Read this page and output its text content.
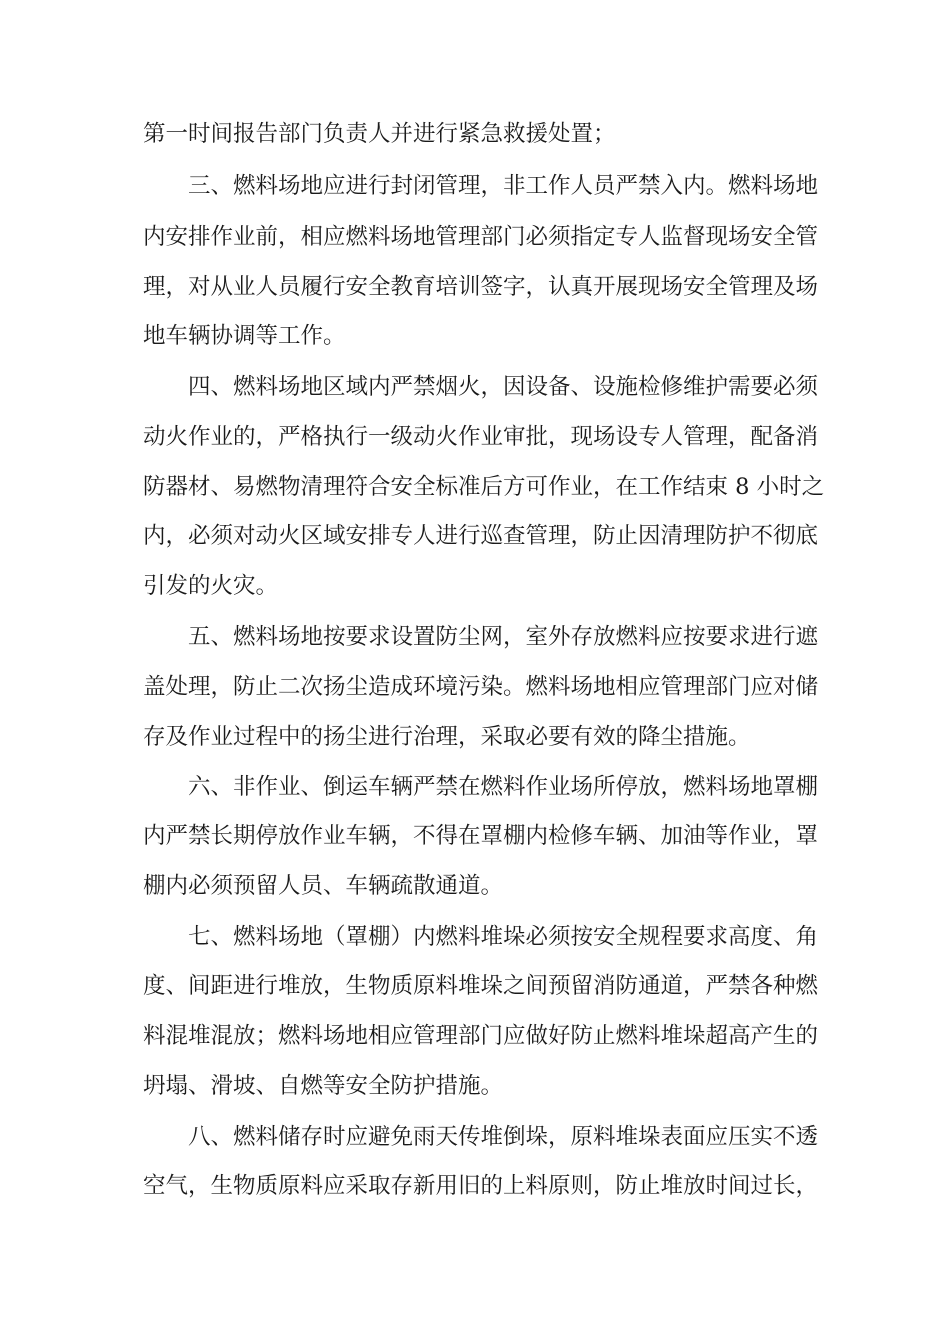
第一时间报告部门负责人并进行紧急救援处置；
三、燃料场地应进行封闭管理，非工作人员严禁入内。燃料场地
内安排作业前，相应燃料场地管理部门必须指定专人监督现场安全管
理，对从业人员履行安全教育培训签字，认真开展现场安全管理及场
地车辆协调等工作。
四、燃料场地区域内严禁烟火，因设备、设施检修维护需要必须
动火作业的，严格执行一级动火作业审批，现场设专人管理，配备消
防器材、易燃物清理符合安全标准后方可作业，在工作结束 8 小时之
内，必须对动火区域安排专人进行巡查管理，防止因清理防护不彻底
引发的火灾。
五、燃料场地按要求设置防尘网，室外存放燃料应按要求进行遮
盖处理，防止二次扬尘造成环境污染。燃料场地相应管理部门应对储
存及作业过程中的扬尘进行治理，采取必要有效的降尘措施。
六、非作业、倒运车辆严禁在燃料作业场所停放，燃料场地罩棚
内严禁长期停放作业车辆，不得在罩棚内检修车辆、加油等作业，罩
棚内必须预留人员、车辆疏散通道。
七、燃料场地（罩棚）内燃料堆垛必须按安全规程要求高度、角
度、间距进行堆放，生物质原料堆垛之间预留消防通道，严禁各种燃
料混堆混放；燃料场地相应管理部门应做好防止燃料堆垛超高产生的
坍塌、滑坡、自燃等安全防护措施。
八、燃料储存时应避免雨天传堆倒垛，原料堆垛表面应压实不透
空气，生物质原料应采取存新用旧的上料原则，防止堆放时间过长，
